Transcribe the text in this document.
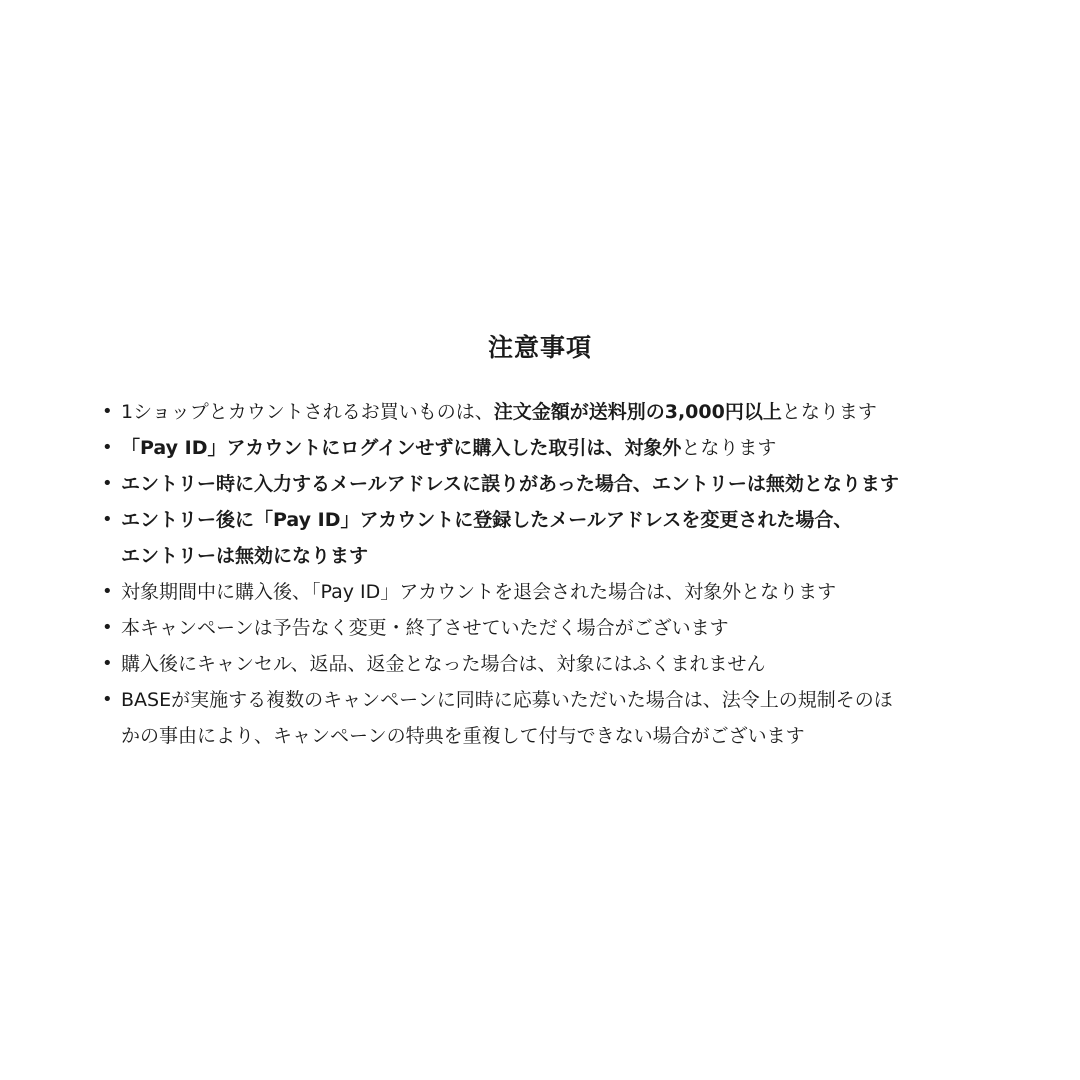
注意事項
• 1ショップとカウントされるお買いものは、注文金額が送料別の3,000円以上となります
• 「Pay ID」アカウントにログインせずに購入した取引は、対象外となります
• エントリー時に入力するメールアドレスに誤りがあった場合、エントリーは無効となります
• エントリー後に「Pay ID」アカウントに登録したメールアドレスを変更された場合、
エントリーは無効になります
• 対象期間中に購入後、「Pay ID」アカウントを退会された場合は、対象外となります
• 本キャンペーンは予告なく変更・終了させていただく場合がございます
• 購入後にキャンセル、返品、返金となった場合は、対象にはふくまれません
• BASEが実施する複数のキャンペーンに同時に応募いただいた場合は、法令上の規制そのほ
かの事由により、キャンペーンの特典を重複して付与できない場合がございます
